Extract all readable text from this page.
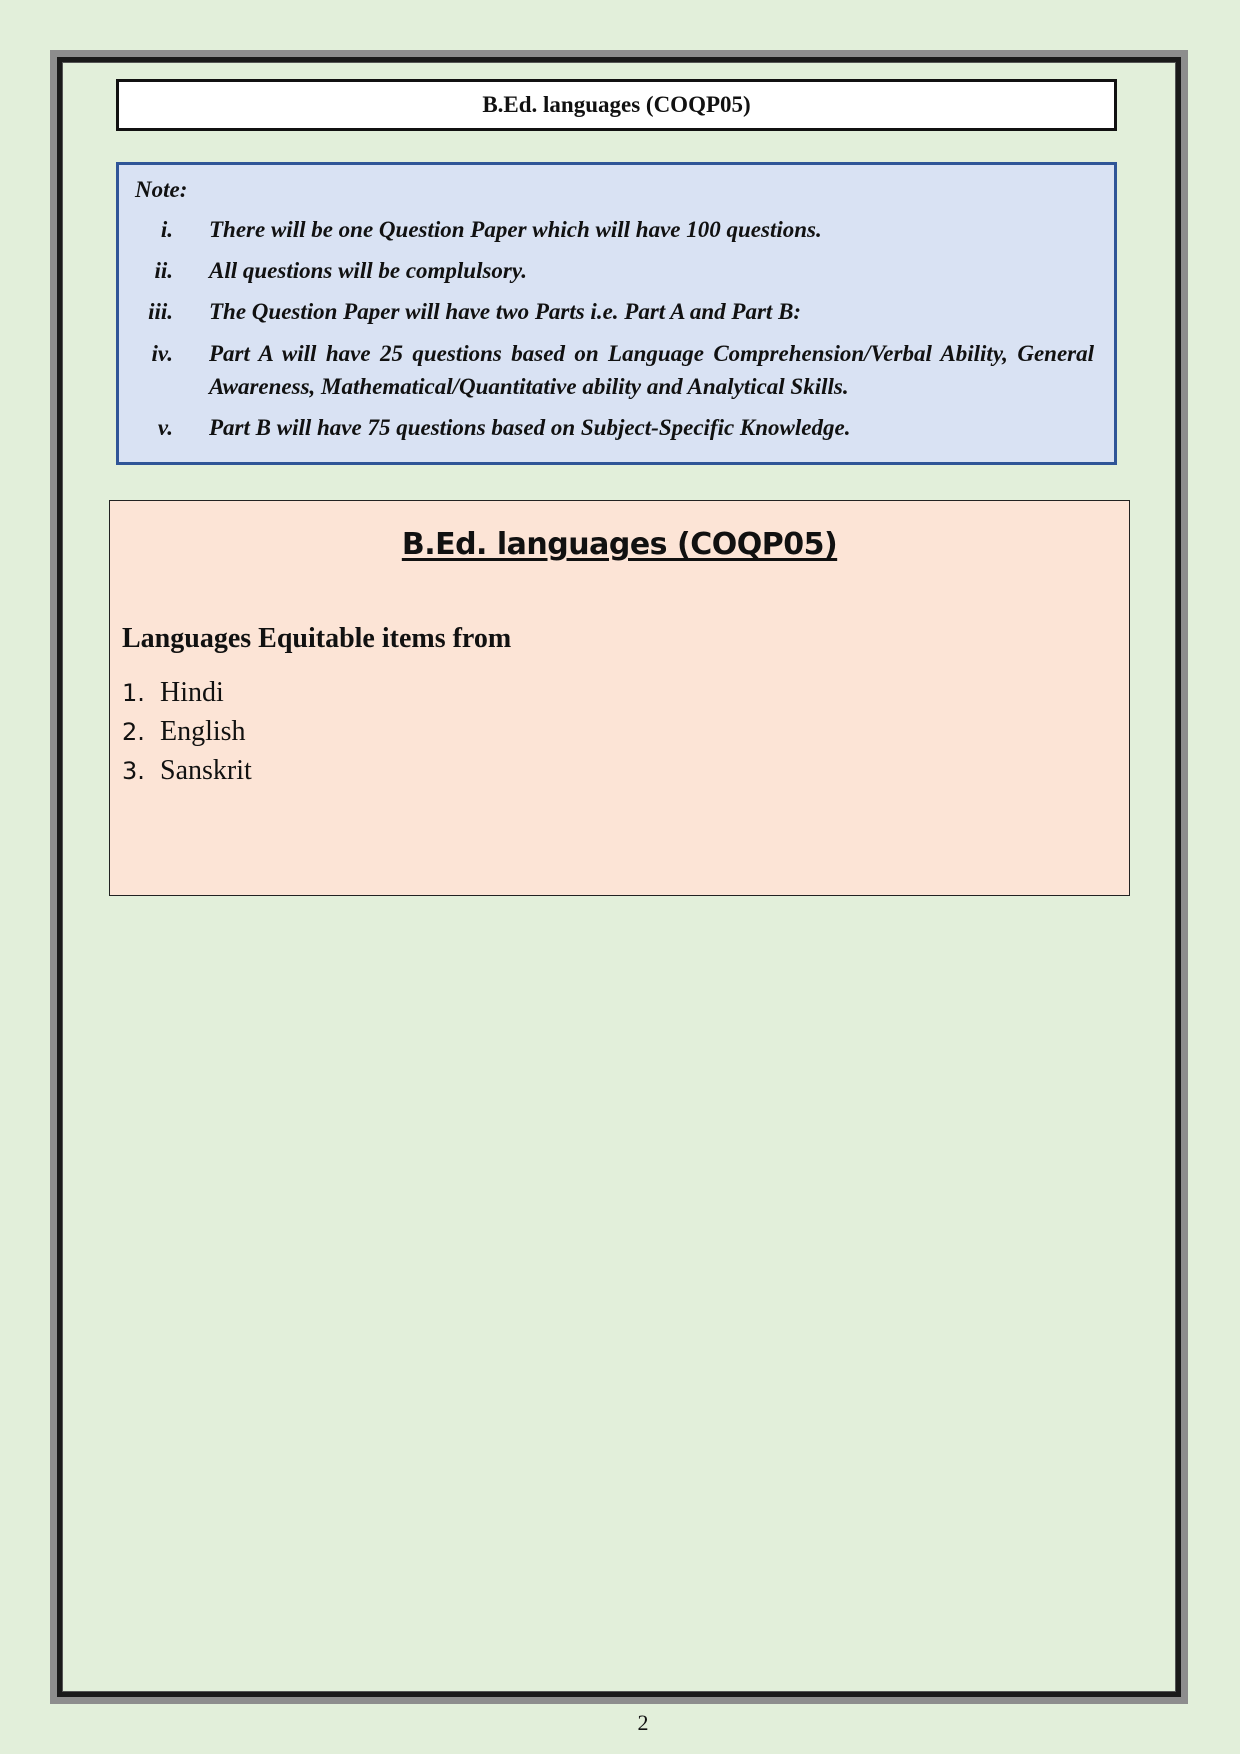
B.Ed. languages (COQP05)
Note:
i. There will be one Question Paper which will have 100 questions.
ii. All questions will be complulsory.
iii. The Question Paper will have two Parts i.e. Part A and Part B:
iv. Part A will have 25 questions based on Language Comprehension/Verbal Ability, General Awareness, Mathematical/Quantitative ability and Analytical Skills.
v. Part B will have 75 questions based on Subject-Specific Knowledge.
B.Ed. languages (COQP05)
Languages Equitable items from
1. Hindi
2. English
3. Sanskrit
2
